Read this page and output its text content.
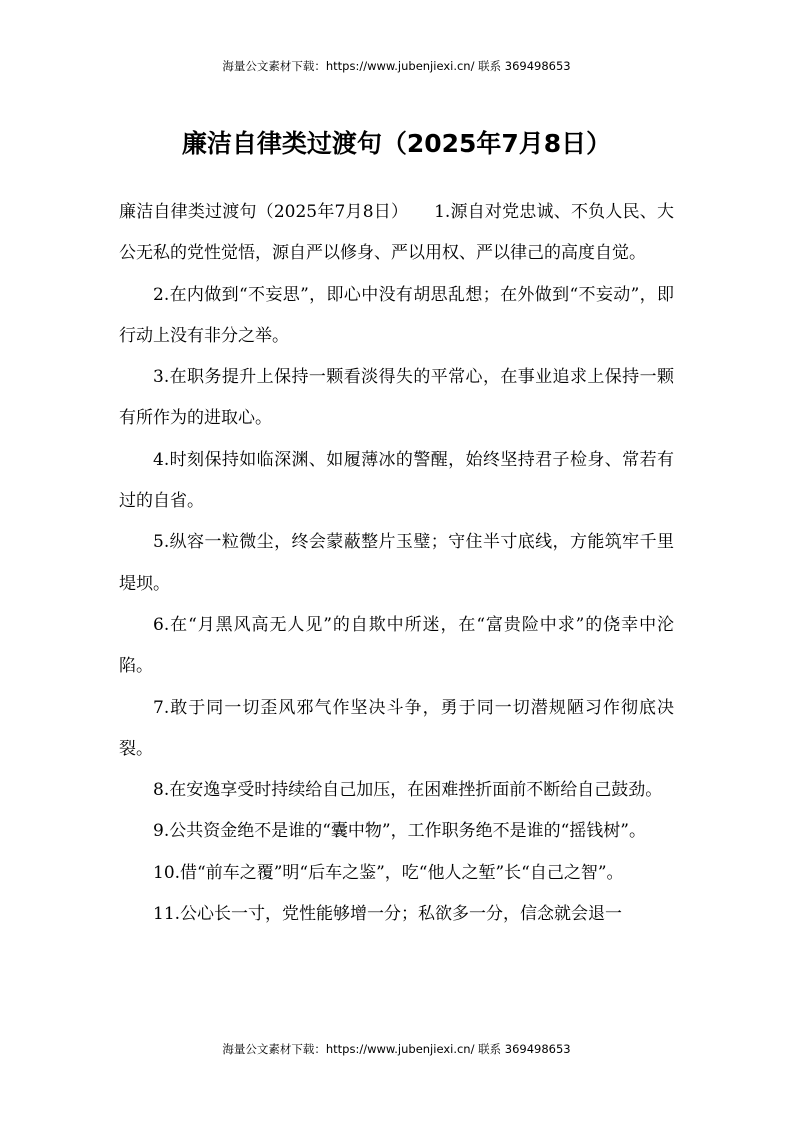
海量公文素材下载：https://www.jubenjiexi.cn/ 联系 369498653
廉洁自律类过渡句（2025年7月8日）

廉洁自律类过渡句（2025年7月8日）　　1.源自对党忠诚、不负人民、大公无私的党性觉悟，源自严以修身、严以用权、严以律己的高度自觉。

2.在内做到“不妄思”，即心中没有胡思乱想；在外做到“不妄动”，即行动上没有非分之举。

3.在职务提升上保持一颗看淡得失的平常心，在事业追求上保持一颗有所作为的进取心。

4.时刻保持如临深渊、如履薄冰的警醒，始终坚持君子检身、常若有过的自省。

5.纵容一粒微尘，终会蒙蔽整片玉璧；守住半寸底线，方能筑牢千里堤坝。

6.在“月黑风高无人见”的自欺中所迷，在“富贵险中求”的侥幸中沦陷。

7.敢于同一切歪风邪气作坚决斗争，勇于同一切潜规陋习作彻底决裂。

8.在安逸享受时持续给自己加压，在困难挫折面前不断给自己鼓劲。

9.公共资金绝不是谁的“囊中物”，工作职务绝不是谁的“摇钱树”。

10.借“前车之覆”明“后车之鉴”，吃“他人之堑”长“自己之智”。

11.公心长一寸，党性能够增一分；私欲多一分，信念就会退一

海量公文素材下载：https://www.jubenjiexi.cn/ 联系 369498653
